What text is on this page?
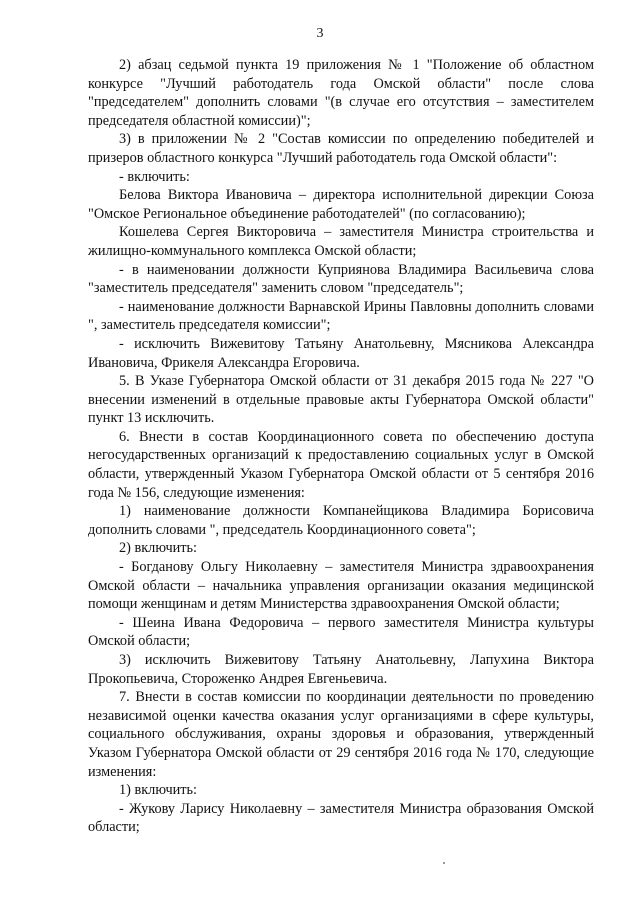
3

2) абзац седьмой пункта 19 приложения № 1 "Положение об областном конкурсе "Лучший работодатель года Омской области" после слова "председателем" дополнить словами "(в случае его отсутствия – заместителем председателя областной комиссии)";

3) в приложении № 2 "Состав комиссии по определению победителей и призеров областного конкурса "Лучший работодатель года Омской области":

- включить:

Белова Виктора Ивановича – директора исполнительной дирекции Союза "Омское Региональное объединение работодателей" (по согласованию);

Кошелева Сергея Викторовича – заместителя Министра строительства и жилищно-коммунального комплекса Омской области;

- в наименовании должности Куприянова Владимира Васильевича слова "заместитель председателя" заменить словом "председатель";

- наименование должности Варнавской Ирины Павловны дополнить словами ", заместитель председателя комиссии";

- исключить Вижевитову Татьяну Анатольевну, Мясникова Александра Ивановича, Фрикеля Александра Егоровича.

5. В Указе Губернатора Омской области от 31 декабря 2015 года № 227 "О внесении изменений в отдельные правовые акты Губернатора Омской области" пункт 13 исключить.

6. Внести в состав Координационного совета по обеспечению доступа негосударственных организаций к предоставлению социальных услуг в Омской области, утвержденный Указом Губернатора Омской области от 5 сентября 2016 года № 156, следующие изменения:

1) наименование должности Компанейщикова Владимира Борисовича дополнить словами ", председатель Координационного совета";

2) включить:

- Богданову Ольгу Николаевну – заместителя Министра здравоохранения Омской области – начальника управления организации оказания медицинской помощи женщинам и детям Министерства здравоохранения Омской области;

- Шеина Ивана Федоровича – первого заместителя Министра культуры Омской области;

3) исключить Вижевитову Татьяну Анатольевну, Лапухина Виктора Прокопьевича, Стороженко Андрея Евгеньевича.

7. Внести в состав комиссии по координации деятельности по проведению независимой оценки качества оказания услуг организациями в сфере культуры, социального обслуживания, охраны здоровья и образования, утвержденный Указом Губернатора Омской области от 29 сентября 2016 года № 170, следующие изменения:

1) включить:

- Жукову Ларису Николаевну – заместителя Министра образования Омской области;
